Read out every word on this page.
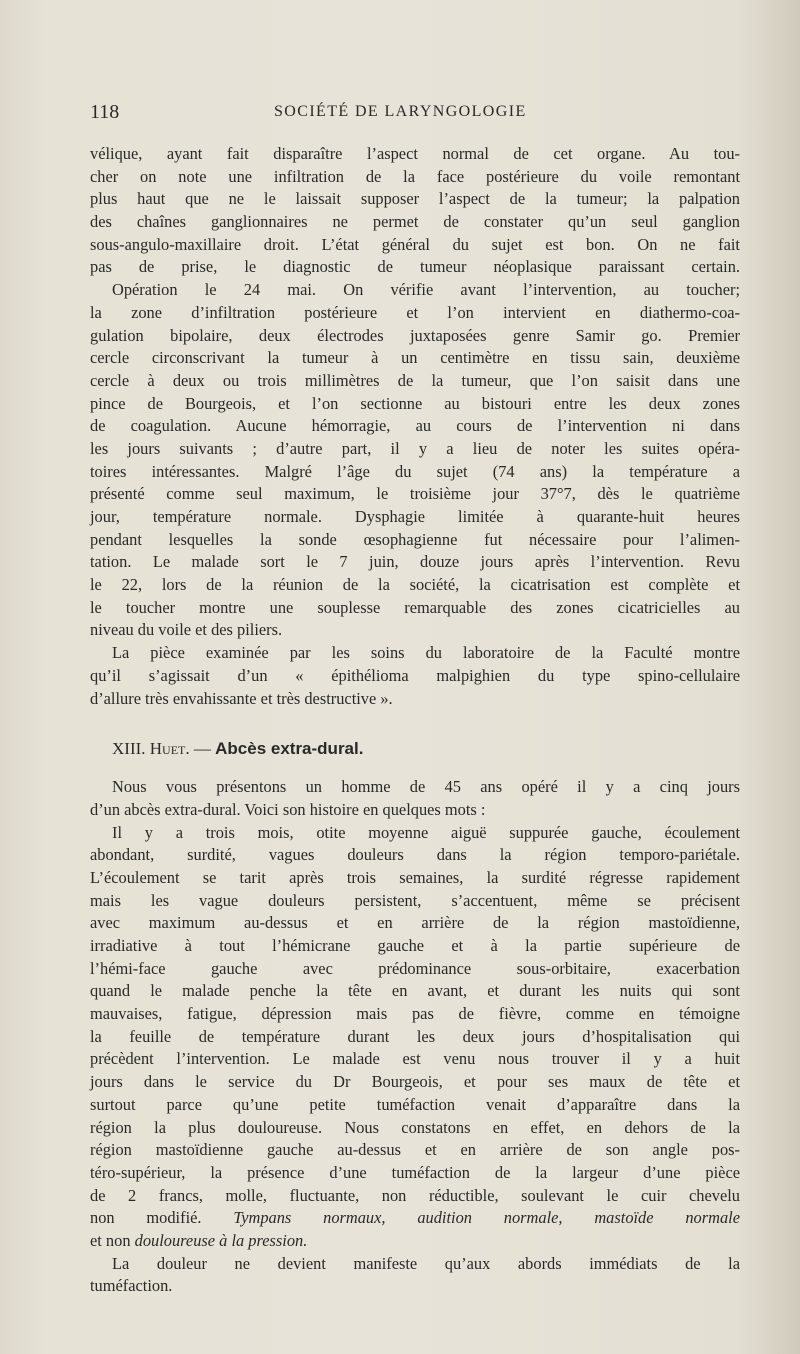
118	SOCIÉTÉ DE LARYNGOLOGIE
vélique, ayant fait disparaître l’aspect normal de cet organe. Au tou-
cher on note une infiltration de la face postérieure du voile remontant
plus haut que ne le laissait supposer l’aspect de la tumeur; la palpation
des chaînes ganglionnaires ne permet de constater qu’un seul ganglion
sous-angulo-maxillaire droit. L’état général du sujet est bon. On ne fait
pas de prise, le diagnostic de tumeur néoplasique paraissant certain.
Opération le 24 mai. On vérifie avant l’intervention, au toucher;
la zone d’infiltration postérieure et l’on intervient en diathermo-coa-
gulation bipolaire, deux électrodes juxtaposées genre Samir go. Premier
cercle circonscrivant la tumeur à un centimètre en tissu sain, deuxième
cercle à deux ou trois millimètres de la tumeur, que l’on saisit dans une
pince de Bourgeois, et l’on sectionne au bistouri entre les deux zones
de coagulation. Aucune hémorragie, au cours de l’intervention ni dans
les jours suivants ; d’autre part, il y a lieu de noter les suites opéra-
toires intéressantes. Malgré l’âge du sujet (74 ans) la température a
présenté comme seul maximum, le troisième jour 37°7, dès le quatrième
jour, température normale. Dysphagie limitée à quarante-huit heures
pendant lesquelles la sonde œsophagienne fut nécessaire pour l’alimen-
tation. Le malade sort le 7 juin, douze jours après l’intervention. Revu
le 22, lors de la réunion de la société, la cicatrisation est complète et
le toucher montre une souplesse remarquable des zones cicatricielles au
niveau du voile et des piliers.
La pièce examinée par les soins du laboratoire de la Faculté montre
qu’il s’agissait d’un « épithélioma malpighien du type spino-cellulaire
d’allure très envahissante et très destructive ».
XIII. Huet. — Abcès extra-dural.
Nous vous présentons un homme de 45 ans opéré il y a cinq jours
d’un abcès extra-dural. Voici son histoire en quelques mots :
Il y a trois mois, otite moyenne aiguë suppurée gauche, écoulement
abondant, surdité, vagues douleurs dans la région temporo-pariétale.
L’écoulement se tarit après trois semaines, la surdité régresse rapidement
mais les vague douleurs persistent, s’accentuent, même se précisent
avec maximum au-dessus et en arrière de la région mastoïdienne,
irradiative à tout l’hémicrane gauche et à la partie supérieure de
l’hémi-face gauche avec prédominance sous-orbitaire, exacerbation
quand le malade penche la tête en avant, et durant les nuits qui sont
mauvaises, fatigue, dépression mais pas de fièvre, comme en témoigne
la feuille de température durant les deux jours d’hospitalisation qui
précèdent l’intervention. Le malade est venu nous trouver il y a huit
jours dans le service du Dr Bourgeois, et pour ses maux de tête et
surtout parce qu’une petite tuméfaction venait d’apparaître dans la
région la plus douloureuse. Nous constatons en effet, en dehors de la
région mastoïdienne gauche au-dessus et en arrière de son angle pos-
téro-supérieur, la présence d’une tuméfaction de la largeur d’une pièce
de 2 francs, molle, fluctuante, non réductible, soulevant le cuir chevelu
non modifié. Tympans normaux, audition normale, mastoïde normale
et non douloureuse à la pression.
La douleur ne devient manifeste qu’aux abords immédiats de la
tuméfaction.
